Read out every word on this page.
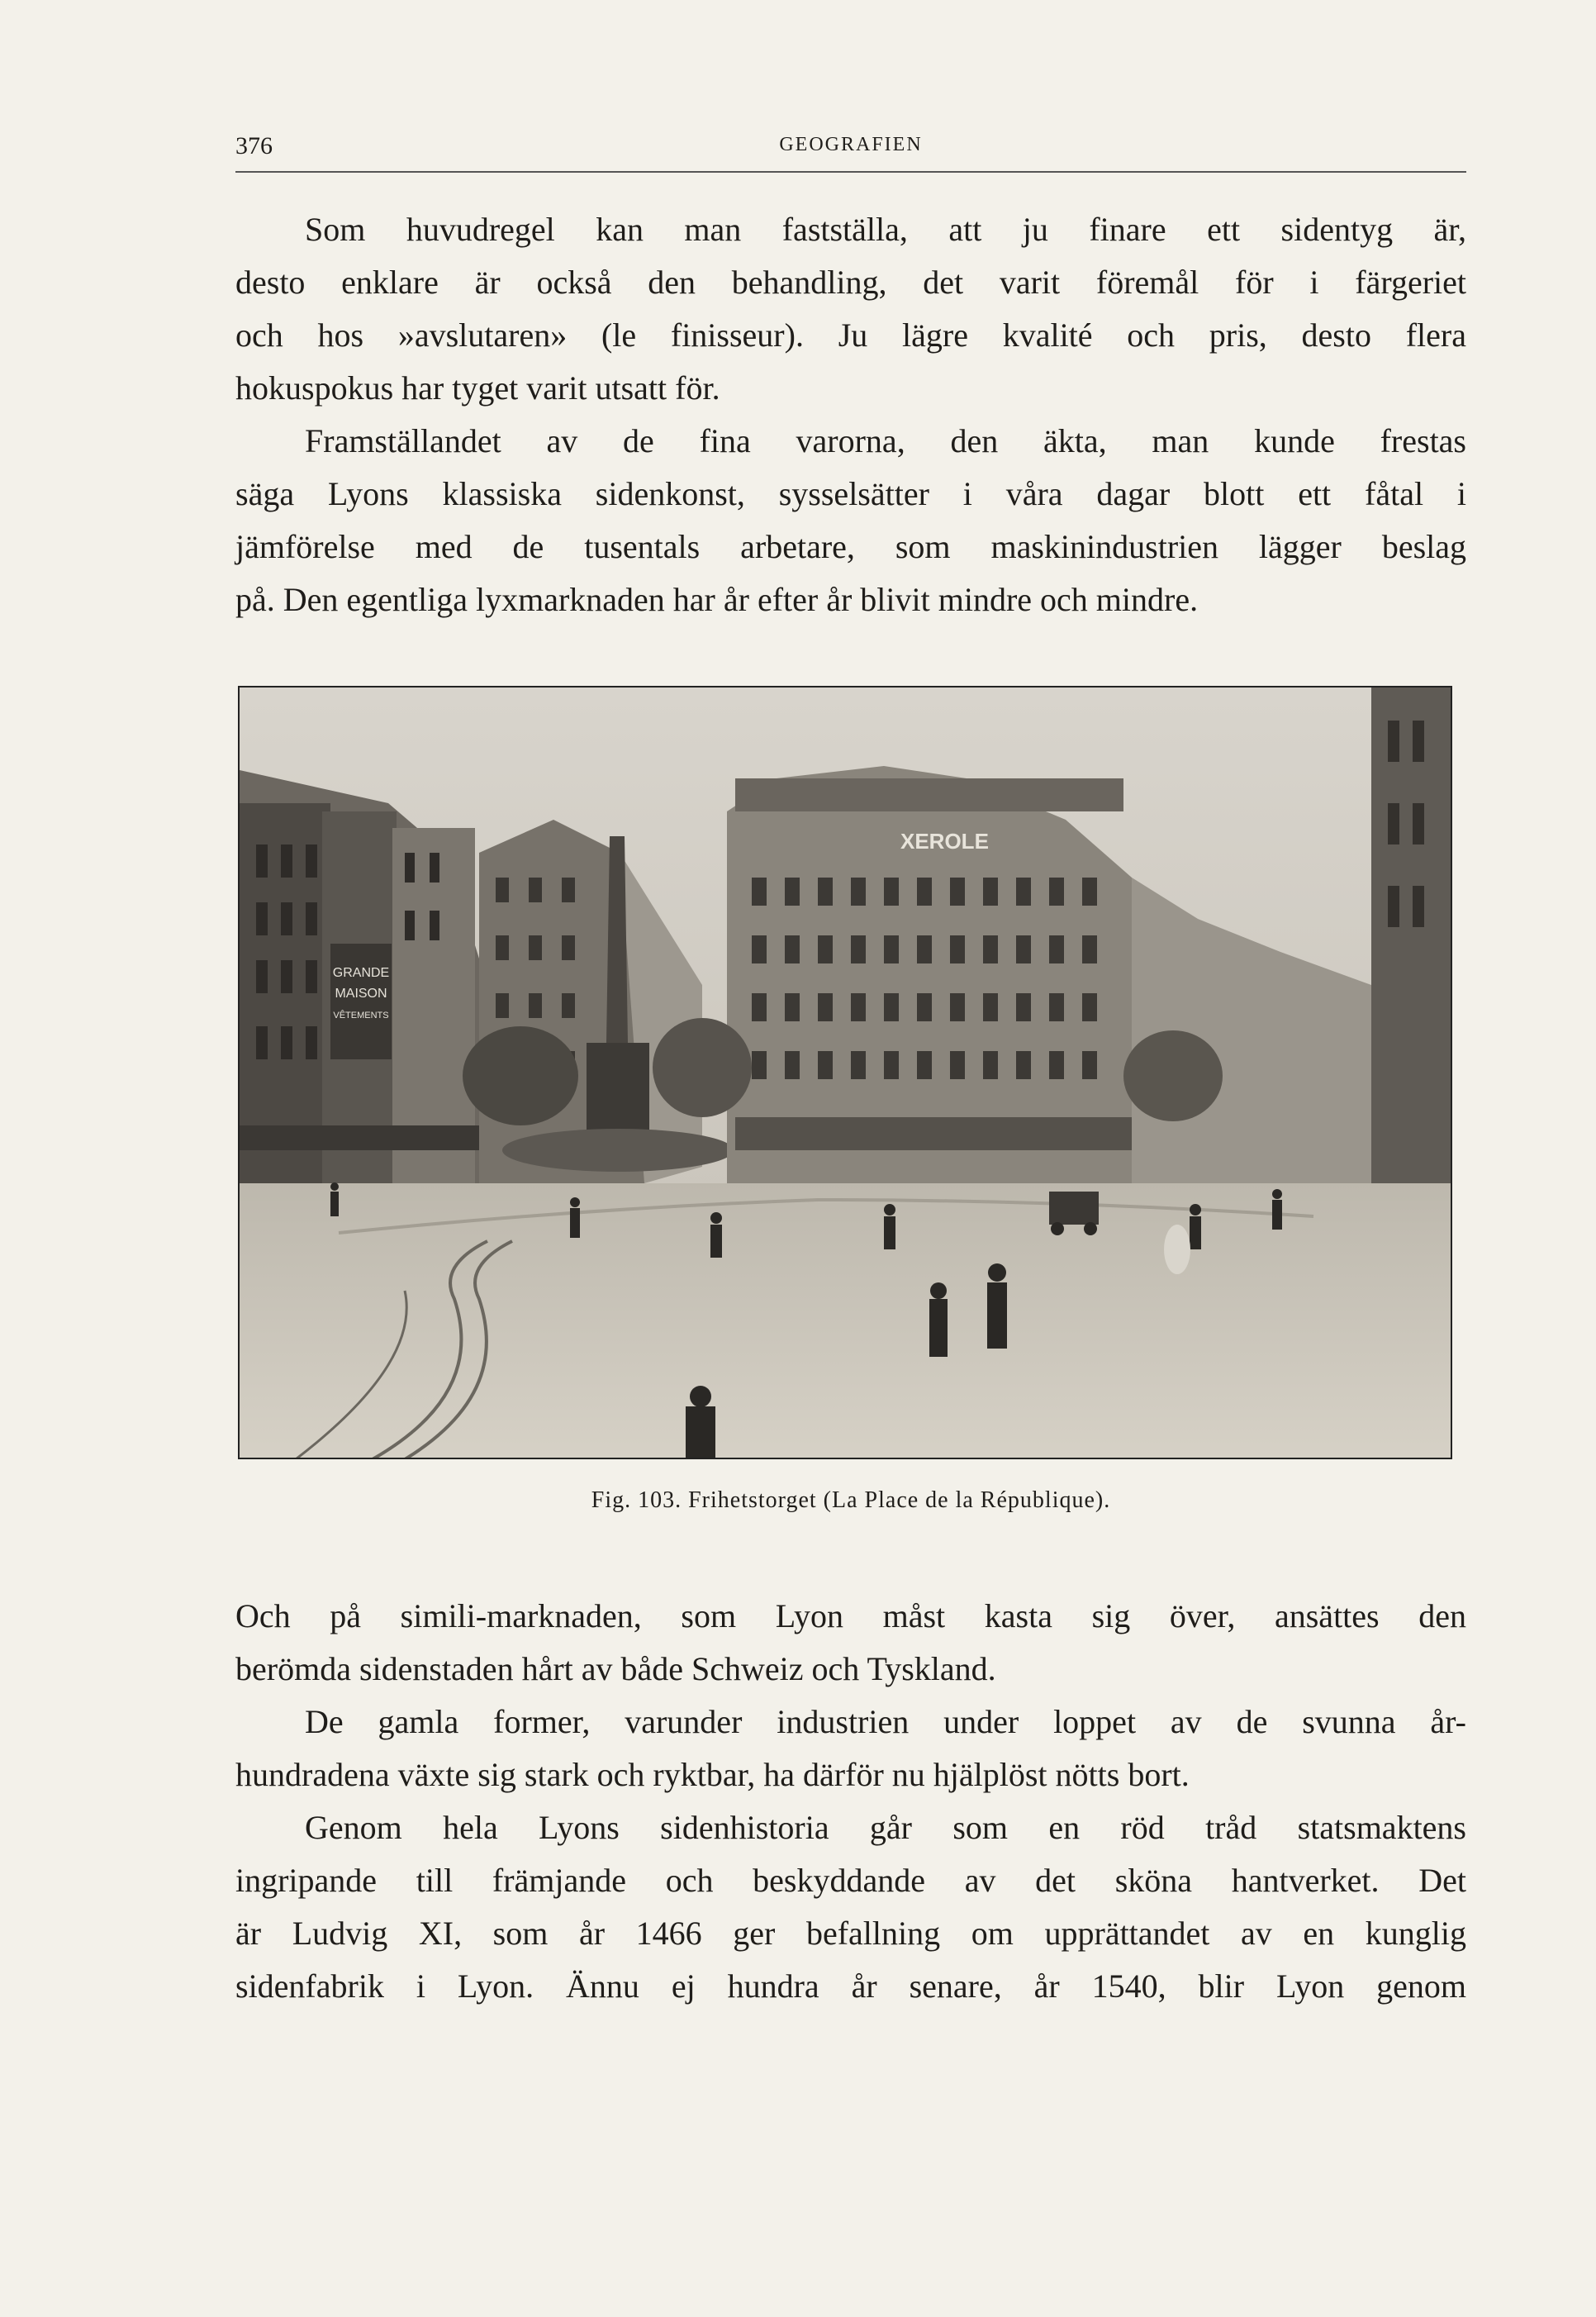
376	GEOGRAFIEN
Som huvudregel kan man fastställa, att ju finare ett sidentyg är,
desto enklare är också den behandling, det varit föremål för i färgeriet
och hos »avslutaren» (le finisseur). Ju lägre kvalité och pris, desto flera
hokuspokus har tyget varit utsatt för.
Framställandet av de fina varorna, den äkta, man kunde frestas
säga Lyons klassiska sidenkonst, sysselsätter i våra dagar blott ett fåtal i
jämförelse med de tusentals arbetare, som maskinindustrien lägger beslag
på. Den egentliga lyxmarknaden har år efter år blivit mindre och mindre.
GRANDE
MAISON
VÊTEMENTS
XEROLE
Fig. 103. Frihetstorget (La Place de la République).
Och på simili-marknaden, som Lyon måst kasta sig över, ansättes den
berömda sidenstaden hårt av både Schweiz och Tyskland.
De gamla former, varunder industrien under loppet av de svunna år-
hundradena växte sig stark och ryktbar, ha därför nu hjälplöst nötts bort.
Genom hela Lyons sidenhistoria går som en röd tråd statsmaktens
ingripande till främjande och beskyddande av det sköna hantverket. Det
är Ludvig XI, som år 1466 ger befallning om upprättandet av en kunglig
sidenfabrik i Lyon. Ännu ej hundra år senare, år 1540, blir Lyon genom
